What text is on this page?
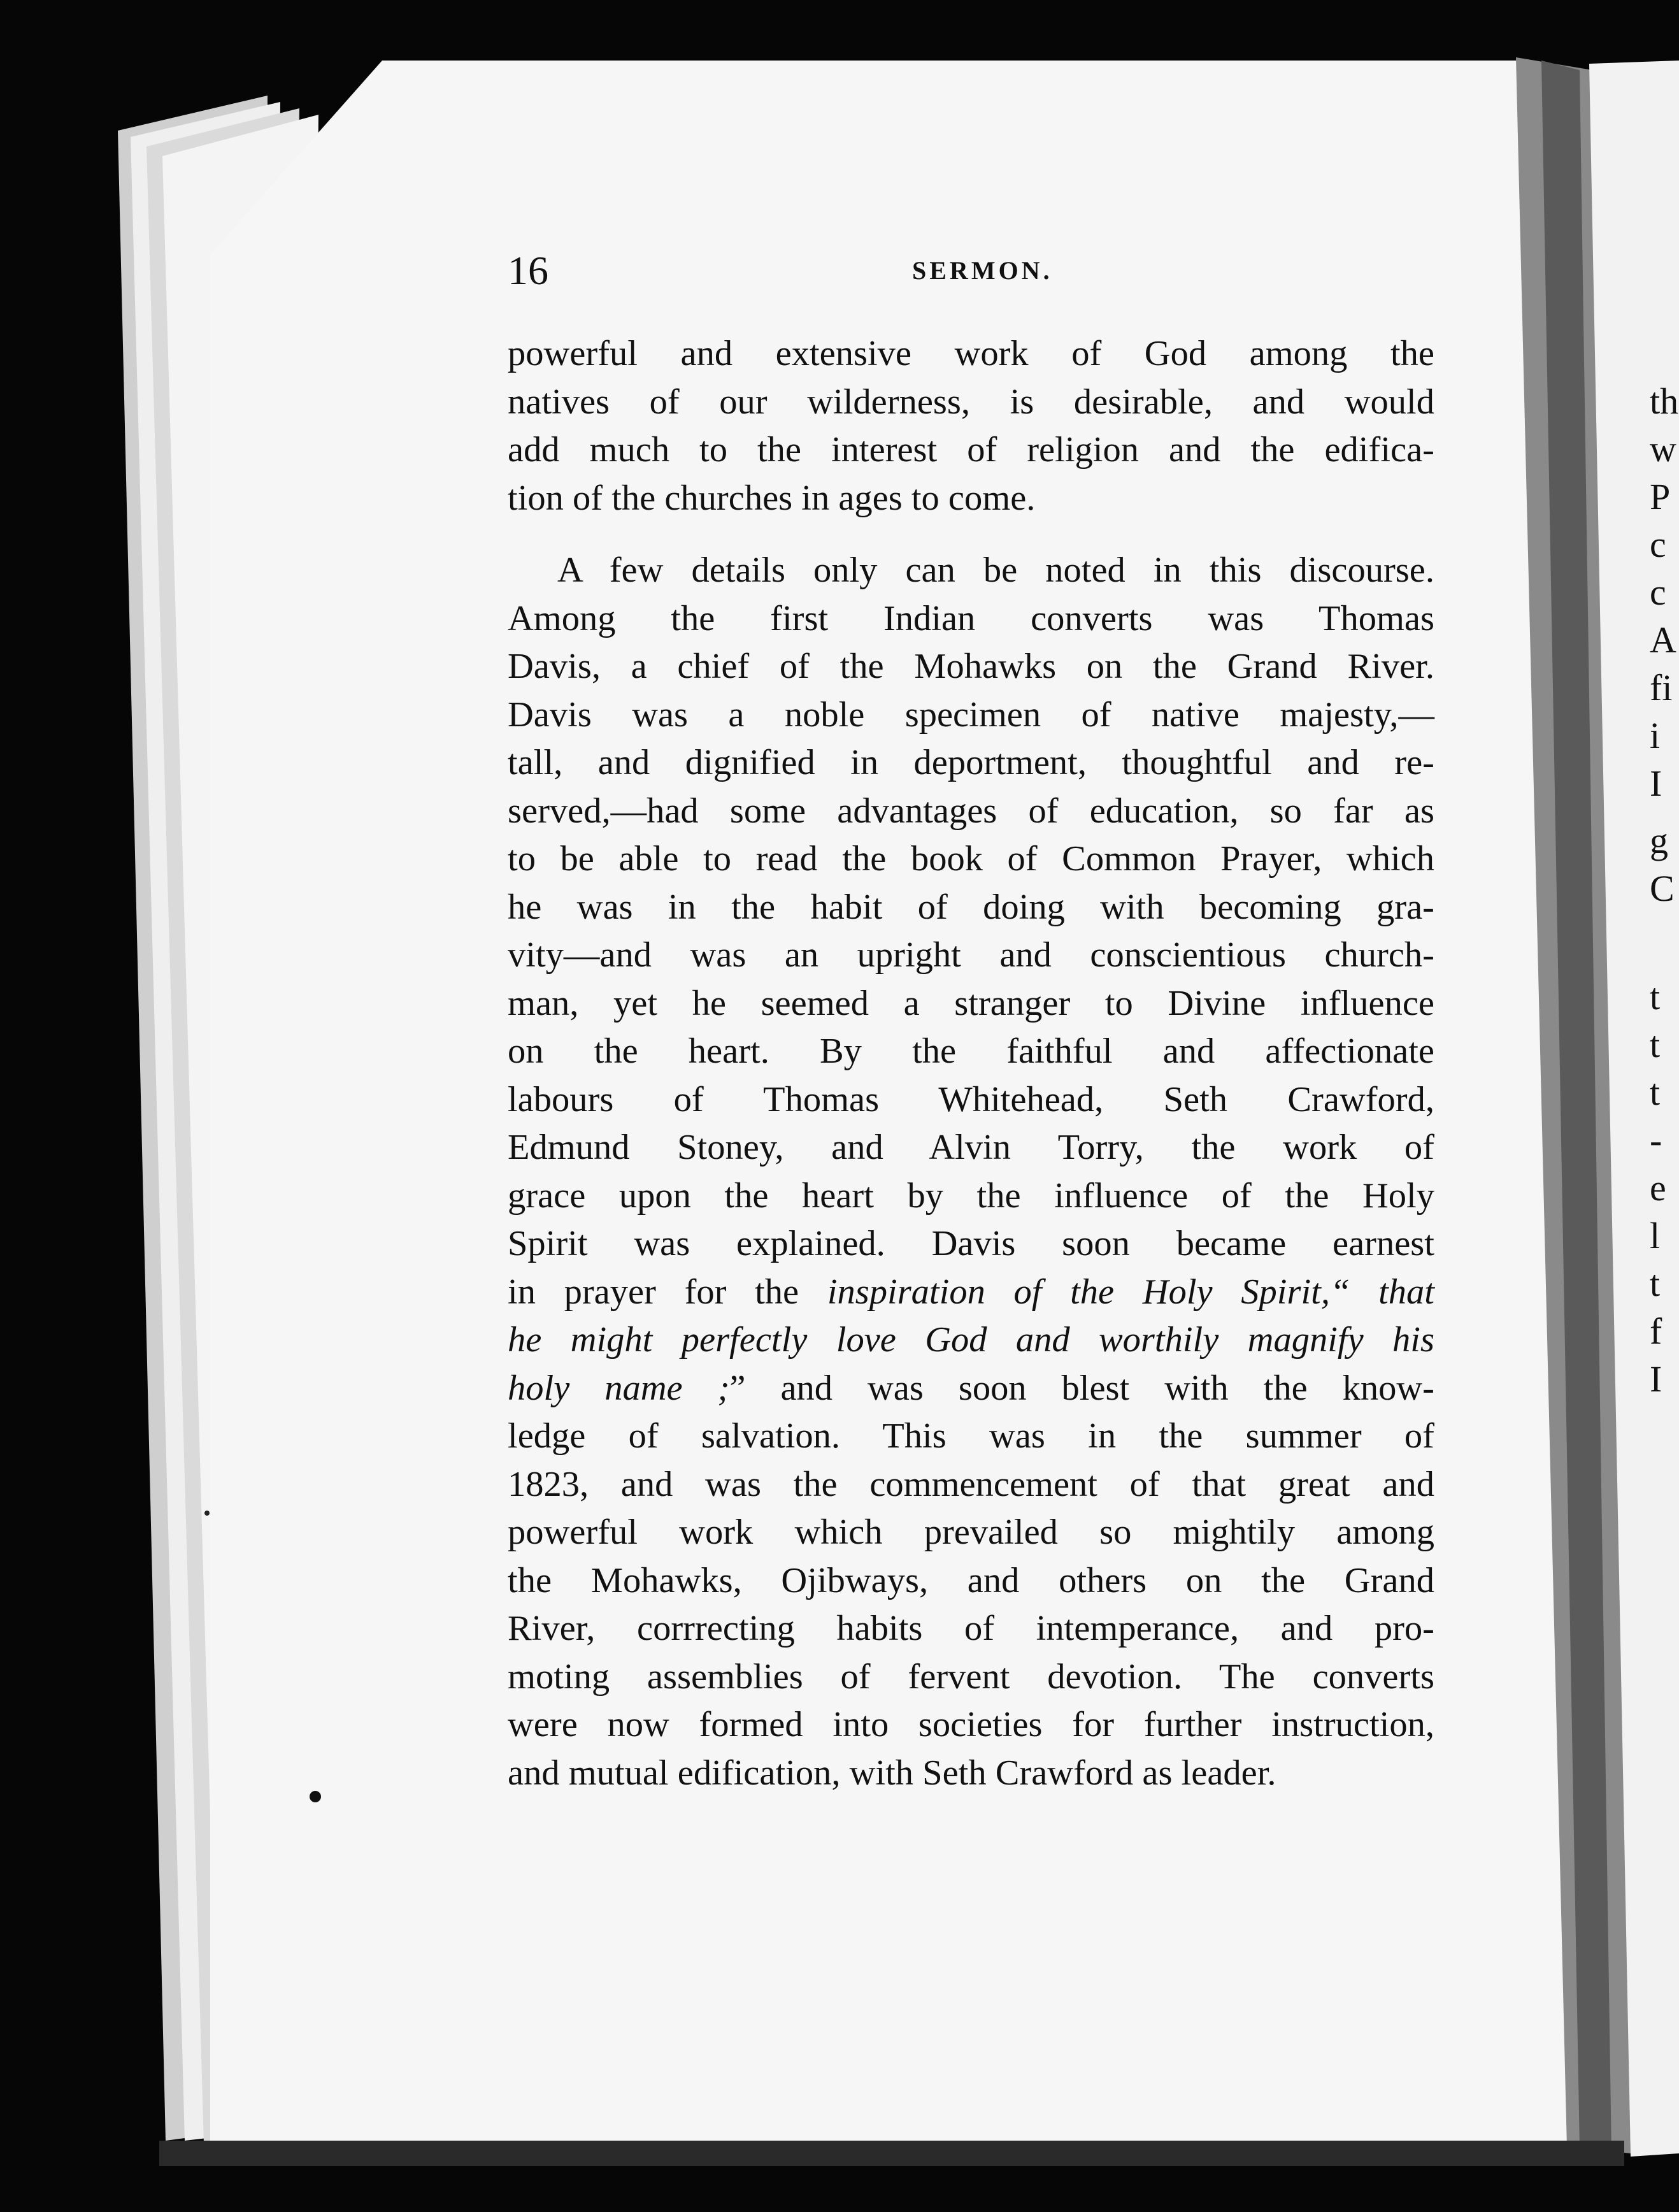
16	SERMON.
powerful and extensive work of God among the
natives of our wilderness, is desirable, and would
add much to the interest of religion and the edifica-
tion of the churches in ages to come.
A few details only can be noted in this discourse.
Among the first Indian converts was Thomas
Davis, a chief of the Mohawks on the Grand River.
Davis was a noble specimen of native majesty,—
tall, and dignified in deportment, thoughtful and re-
served,—had some advantages of education, so far as
to be able to read the book of Common Prayer, which
he was in the habit of doing with becoming gra-
vity—and was an upright and conscientious church-
man, yet he seemed a stranger to Divine influence
on the heart. By the faithful and affectionate
labours of Thomas Whitehead, Seth Crawford,
Edmund Stoney, and Alvin Torry, the work of
grace upon the heart by the influence of the Holy
Spirit was explained. Davis soon became earnest
in prayer for the inspiration of the Holy Spirit,“ that
he might perfectly love God and worthily magnify his
holy name ;” and was soon blest with the know-
ledge of salvation. This was in the summer of
1823, and was the commencement of that great and
powerful work which prevailed so mightily among
the Mohawks, Ojibways, and others on the Grand
River, corrrecting habits of intemperance, and pro-
moting assemblies of fervent devotion. The converts
were now formed into societies for further instruction,
and mutual edification, with Seth Crawford as leader.
th
w
P
c
c
A
fi
i
I
g
C
t
t
t
-
e
l
t
f
I
